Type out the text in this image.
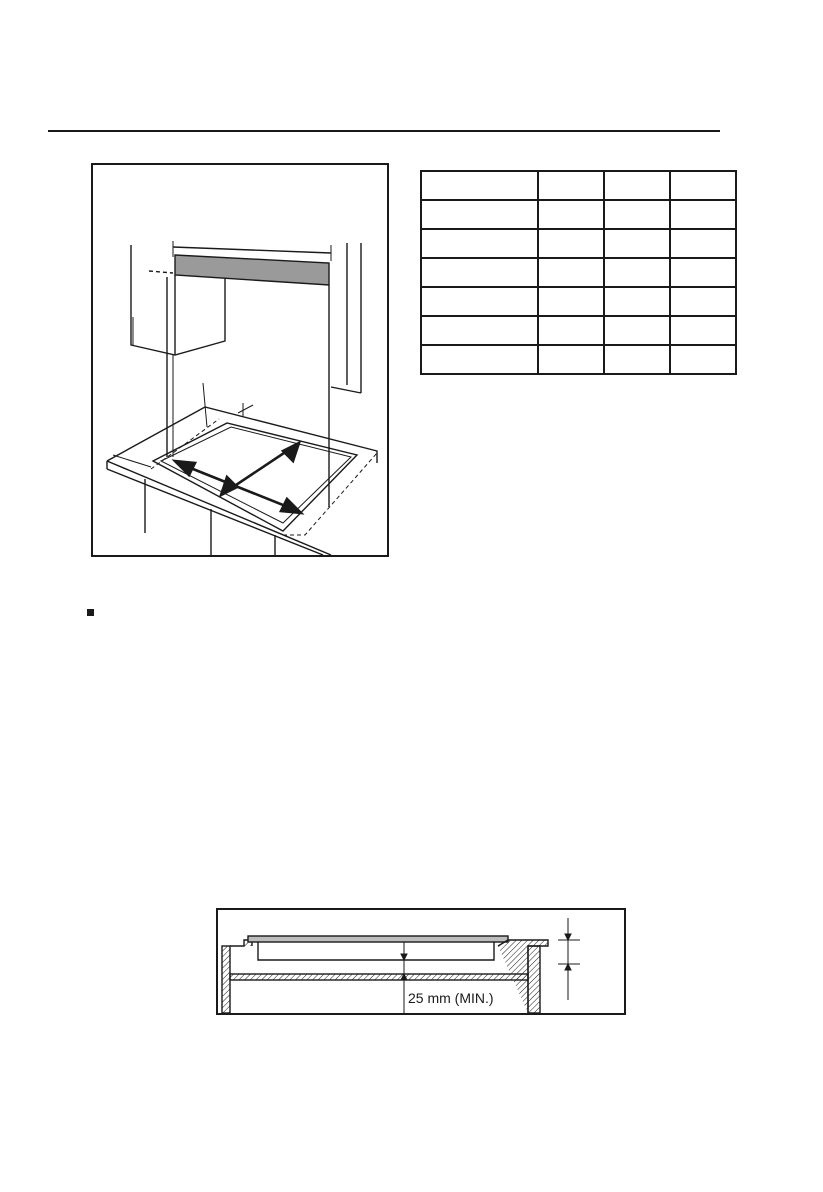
25 mm (MIN.)
